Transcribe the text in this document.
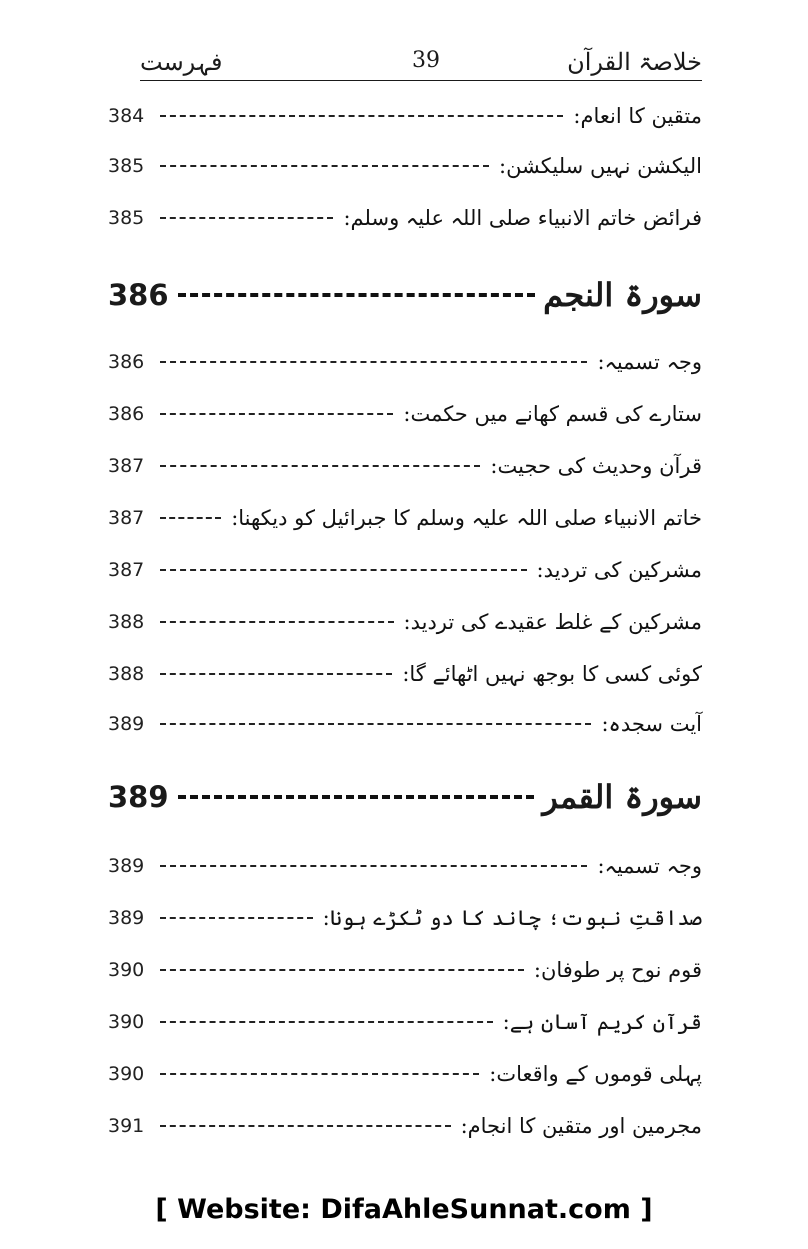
فہرست	39	خلاصۃ القرآن
384	متقین کا انعام:
385	الیکشن نہیں سلیکشن:
385	فرائض خاتم الانبیاء صلی اللہ علیہ وسلم:
386	سورۃ النجم
386	وجہ تسمیہ:
386	ستارے کی قسم کھانے میں حکمت:
387	قرآن وحدیث کی حجیت:
387	خاتم الانبیاء صلی اللہ علیہ وسلم کا جبرائیل کو دیکھنا:
387	مشرکین کی تردید:
388	مشرکین کے غلط عقیدے کی تردید:
388	کوئی کسی کا بوجھ نہیں اٹھائے گا:
389	آیت سجدہ:
389	سورۃ القمر
389	وجہ تسمیہ:
389	صداقتِ نبوت؛ چاند کا دو ٹکڑے ہونا:
390	قوم نوح پر طوفان:
390	قرآن کریم آسان ہے:
390	پہلی قوموں کے واقعات:
391	مجرمین اور متقین کا انجام:
[ Website: DifaAhleSunnat.com ]
